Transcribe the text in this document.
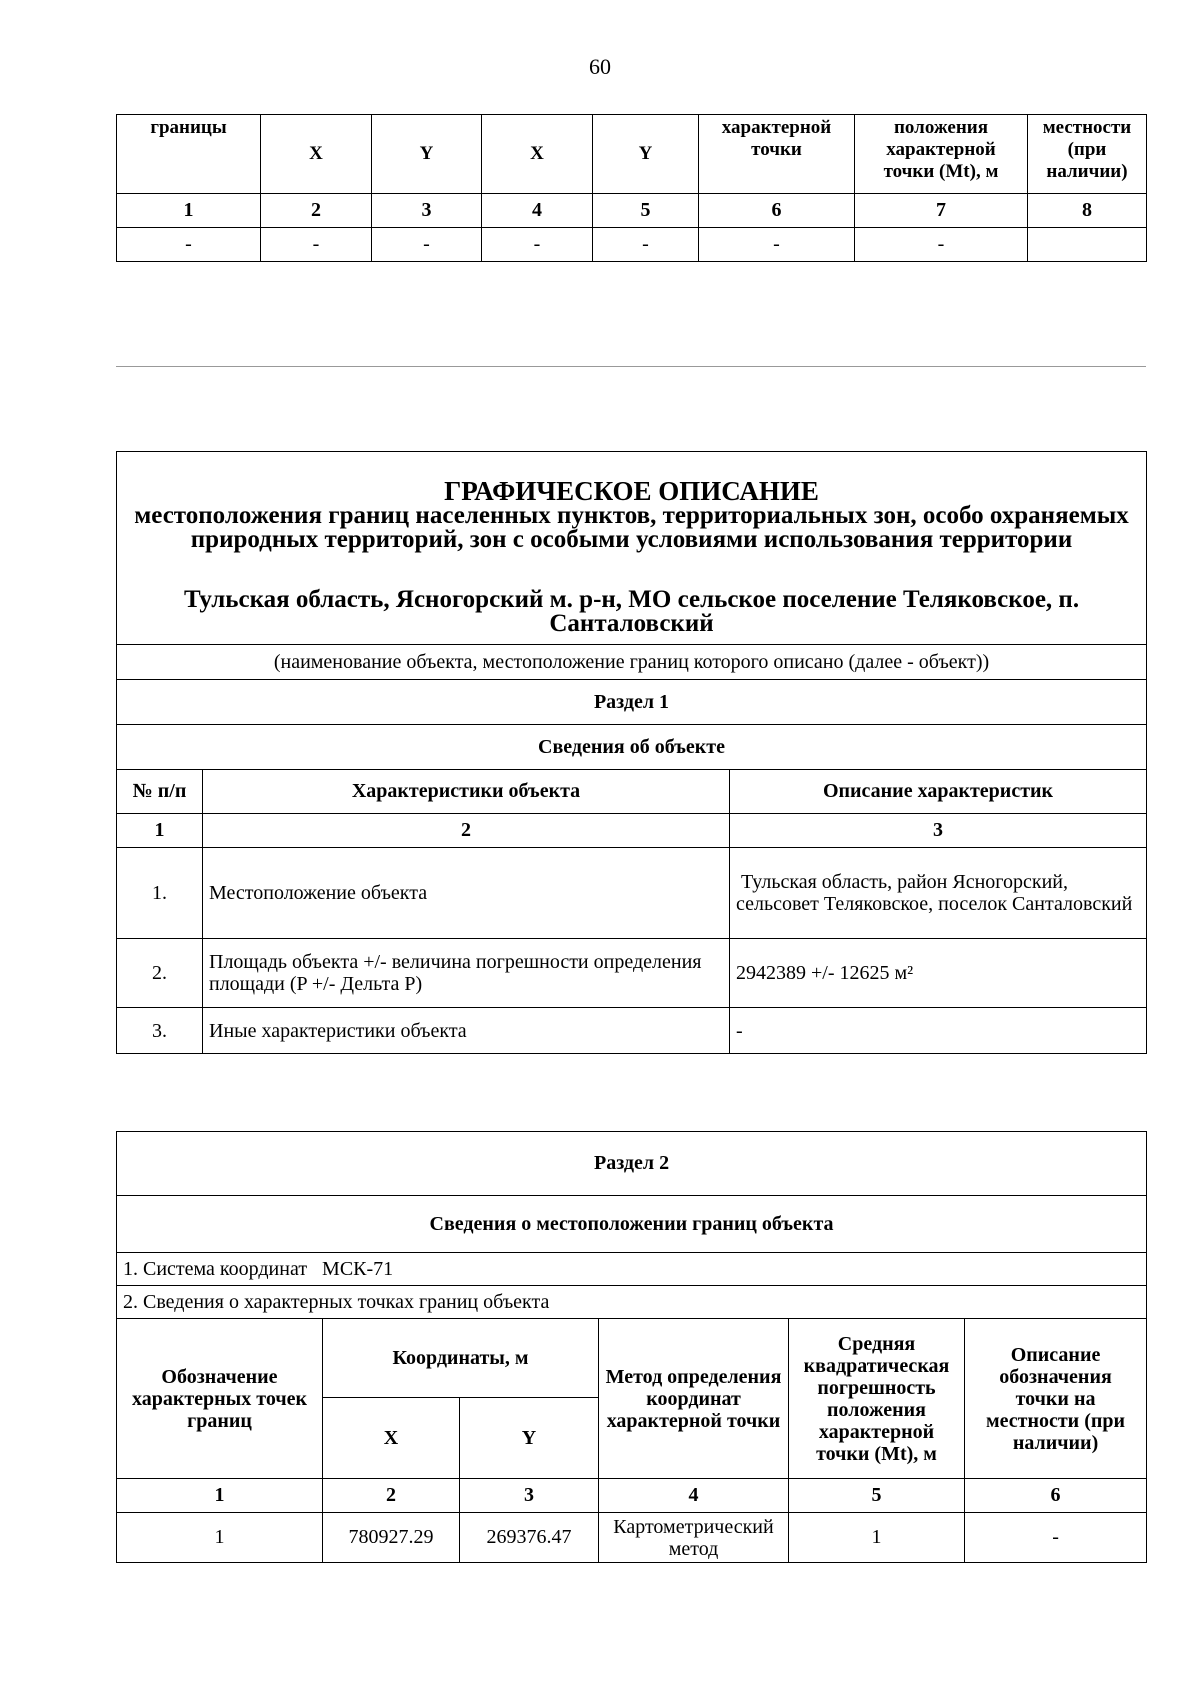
60
границы	X	Y	X	Y	характерной точки	положения характерной точки (Mt), м	местности (при наличии)
1	2	3	4	5	6	7	8
-	-	-	-	-	-	-	
ГРАФИЧЕСКОЕ ОПИСАНИЕ
местоположения границ населенных пунктов, территориальных зон, особо охраняемых природных территорий, зон с особыми условиями использования территории
Тульская область, Ясногорский м. р-н, МО сельское поселение Теляковское, п. Санталовский		

(наименование объекта, местоположение границ которого описано (далее - объект))		
Раздел 1		
Сведения об объекте		
№ п/п	Характеристики объекта	Описание характеристик
1	2	3
1.	Местоположение объекта	Тульская область, район Ясногорский, сельсовет Теляковское, поселок Санталовский
2.	Площадь объекта +/- величина погрешности определения площади (P +/- Дельта P)	2942389 +/- 12625 м²
3.	Иные характеристики объекта	-
Раздел 2					
Сведения о местоположении границ объекта					
1. Система координат   МСК-71					
2. Сведения о характерных точках границ объекта					
Обозначение характерных точек границ	Координаты, м		Метод определения координат характерной точки	Средняя квадратическая погрешность положения характерной точки (Mt), м	Описание обозначения точки на местности (при наличии)
	X	Y			
1	2	3	4	5	6
1	780927.29	269376.47	Картометрический метод	1	-
